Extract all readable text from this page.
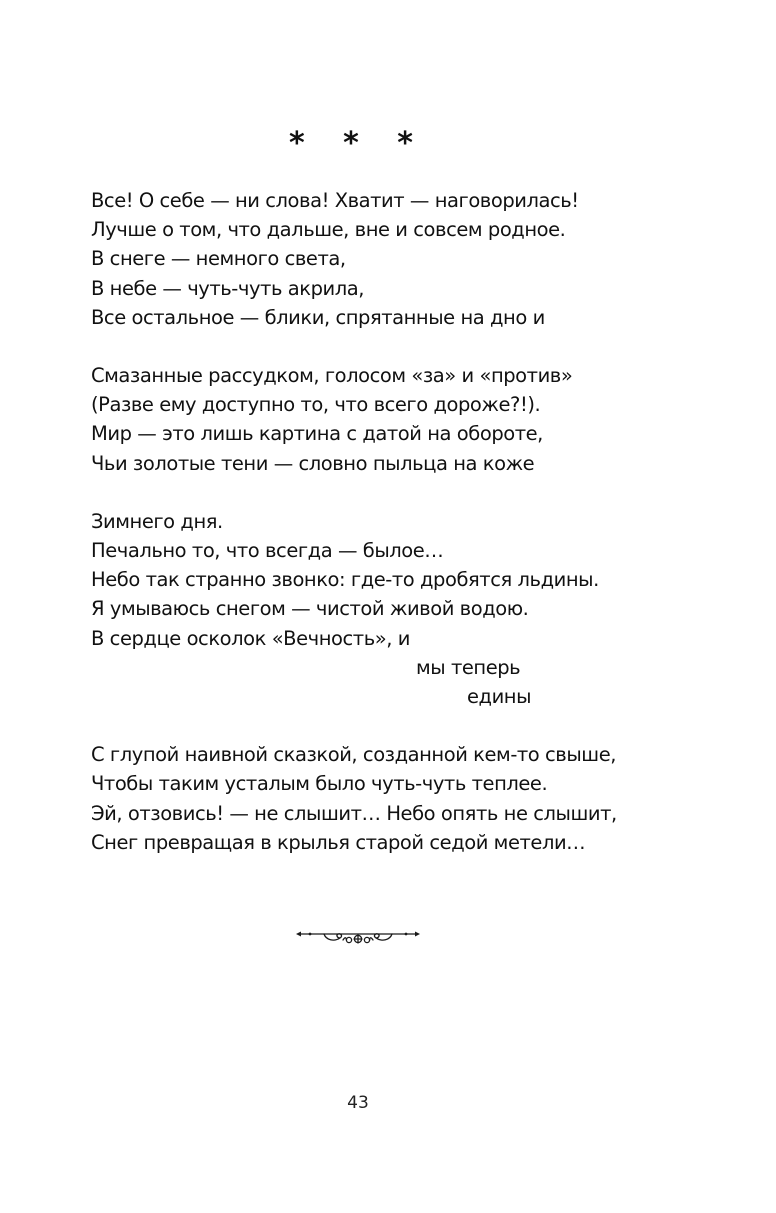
* * *
Все! О себе — ни слова! Хватит — наговорилась!
Лучше о том, что дальше, вне и совсем родное.
В снеге — немного света,
В небе — чуть-чуть акрила,
Все остальное — блики, спрятанные на дно и
Смазанные рассудком, голосом «за» и «против»
(Разве ему доступно то, что всего дороже?!).
Мир — это лишь картина с датой на обороте,
Чьи золотые тени — словно пыльца на коже
Зимнего дня.
Печально то, что всегда — былое…
Небо так странно звонко: где-то дробятся льдины.
Я умываюсь снегом — чистой живой водою.
В сердце осколок «Вечность», и
мы теперь
едины
С глупой наивной сказкой, созданной кем-то свыше,
Чтобы таким усталым было чуть-чуть теплее.
Эй, отзовись! — не слышит… Небо опять не слышит,
Снег превращая в крылья старой седой метели…
43
